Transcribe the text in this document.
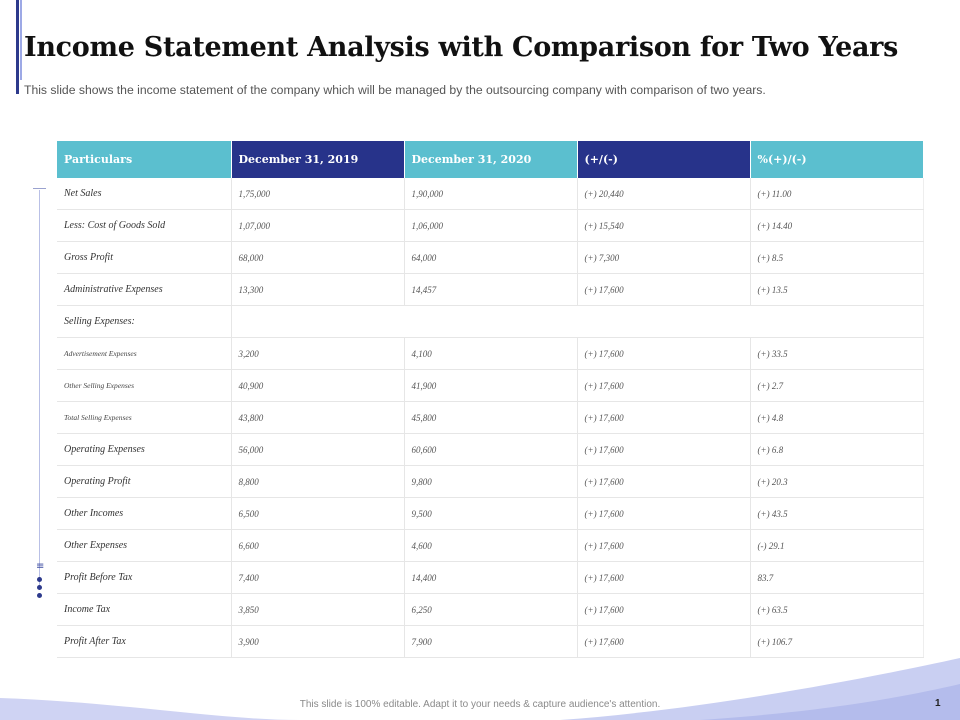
Income Statement Analysis with Comparison for Two Years

This slide shows the income statement of the company which will be managed by the outsourcing company with comparison of two years.

≡
Particulars	December 31, 2019	December 31, 2020	(+/(-)	%(+)/(-)
Net Sales	1,75,000	1,90,000	(+) 20,440	(+) 11.00
Less: Cost of Goods Sold	1,07,000	1,06,000	(+) 15,540	(+) 14.40
Gross Profit	68,000	64,000	(+) 7,300	(+) 8.5
Administrative Expenses	13,300	14,457	(+) 17,600	(+) 13.5
Selling Expenses:				
Advertisement Expenses	3,200	4,100	(+) 17,600	(+) 33.5
Other Selling Expenses	40,900	41,900	(+) 17,600	(+) 2.7
Total Selling Expenses	43,800	45,800	(+) 17,600	(+) 4.8
Operating Expenses	56,000	60,600	(+) 17,600	(+) 6.8
Operating Profit	8,800	9,800	(+) 17,600	(+) 20.3
Other Incomes	6,500	9,500	(+) 17,600	(+) 43.5
Other Expenses	6,600	4,600	(+) 17,600	(-) 29.1
Profit Before Tax	7,400	14,400	(+) 17,600	83.7
Income Tax	3,850	6,250	(+) 17,600	(+) 63.5
Profit After Tax	3,900	7,900	(+) 17,600	(+) 106.7
This slide is 100% editable. Adapt it to your needs & capture audience's attention.	1
